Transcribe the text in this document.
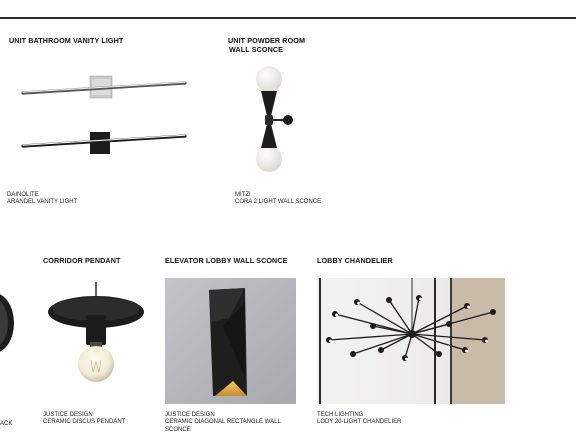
UNIT BATHROOM VANITY LIGHT
DAINOLITE
ARANDEL VANITY LIGHT
UNIT POWDER ROOM
WALL SCONCE
MITZI
CORA 2 LIGHT WALL SCONCE
ACK
CORRIDOR PENDANT
JUSTICE DESIGN
CERAMIC DISCUS PENDANT
ELEVATOR LOBBY WALL SCONCE
JUSTICE DESIGN
CERAMIC DIAGONAL RECTANGLE WALL
SCONCE
LOBBY CHANDELIER
TECH LIGHTING
LODY 20-LIGHT CHANDELIER
